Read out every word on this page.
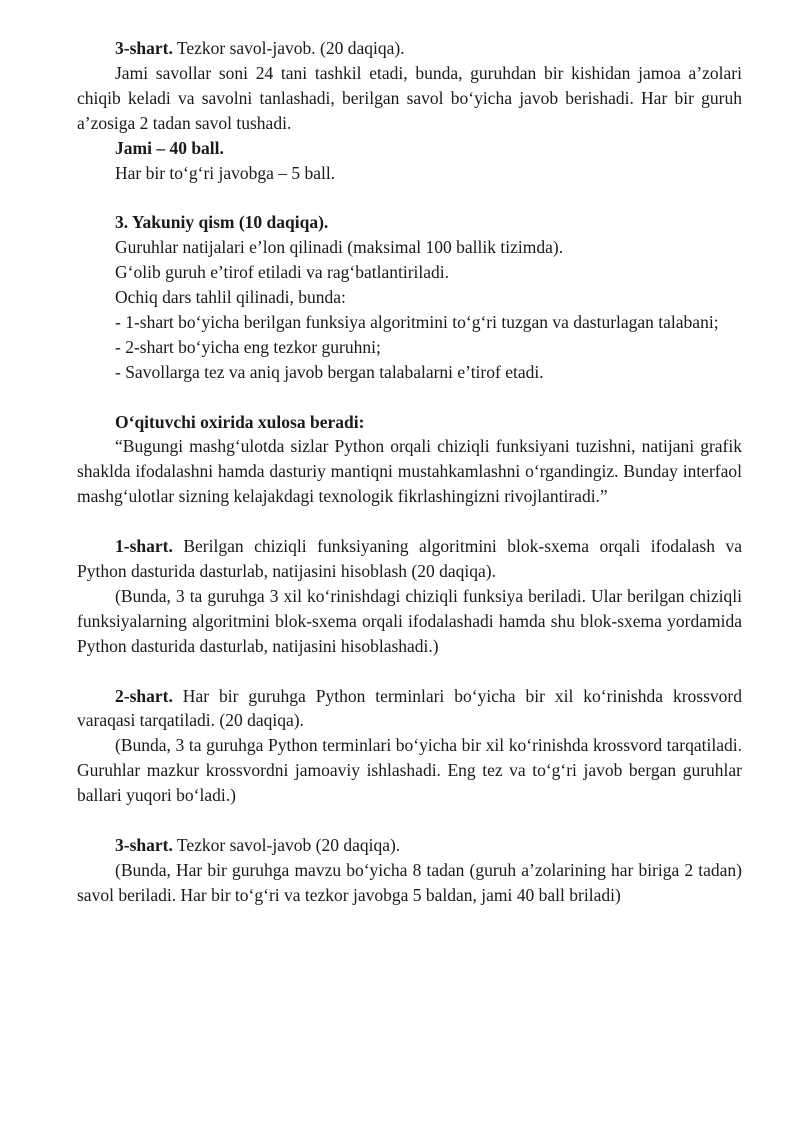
3-shart. Tezkor savol-javob. (20 daqiqa).

Jami savollar soni 24 tani tashkil etadi, bunda, guruhdan bir kishidan jamoa a’zolari chiqib keladi va savolni tanlashadi, berilgan savol bo‘yicha javob berishadi. Har bir guruh a’zosiga 2 tadan savol tushadi.

Jami – 40 ball.

Har bir to‘g‘ri javobga – 5 ball.

3. Yakuniy qism (10 daqiqa).

Guruhlar natijalari e’lon qilinadi (maksimal 100 ballik tizimda).

G‘olib guruh e’tirof etiladi va rag‘batlantiriladi.

Ochiq dars tahlil qilinadi, bunda:

- 1-shart bo‘yicha berilgan funksiya algoritmini to‘g‘ri tuzgan va dasturlagan talabani;

- 2-shart bo‘yicha eng tezkor guruhni;

- Savollarga tez va aniq javob bergan talabalarni e’tirof etadi.

O‘qituvchi oxirida xulosa beradi:

“Bugungi mashg‘ulotda sizlar Python orqali chiziqli funksiyani tuzishni, natijani grafik shaklda ifodalashni hamda dasturiy mantiqni mustahkamlashni o‘rgandingiz. Bunday interfaol mashg‘ulotlar sizning kelajakdagi texnologik fikrlashingizni rivojlantiradi.”

1-shart. Berilgan chiziqli funksiyaning algoritmini blok-sxema orqali ifodalash va Python dasturida dasturlab, natijasini hisoblash (20 daqiqa).

(Bunda, 3 ta guruhga 3 xil ko‘rinishdagi chiziqli funksiya beriladi. Ular berilgan chiziqli funksiyalarning algoritmini blok-sxema orqali ifodalashadi hamda shu blok-sxema yordamida Python dasturida dasturlab, natijasini hisoblashadi.)

2-shart. Har bir guruhga Python terminlari bo‘yicha bir xil ko‘rinishda krossvord varaqasi tarqatiladi. (20 daqiqa).

(Bunda, 3 ta guruhga Python terminlari bo‘yicha bir xil ko‘rinishda krossvord tarqatiladi. Guruhlar mazkur krossvordni jamoaviy ishlashadi. Eng tez va to‘g‘ri javob bergan guruhlar ballari yuqori bo‘ladi.)

3-shart. Tezkor savol-javob (20 daqiqa).

(Bunda, Har bir guruhga mavzu bo‘yicha 8 tadan (guruh a’zolarining har biriga 2 tadan) savol beriladi. Har bir to‘g‘ri va tezkor javobga 5 baldan, jami 40 ball briladi)
